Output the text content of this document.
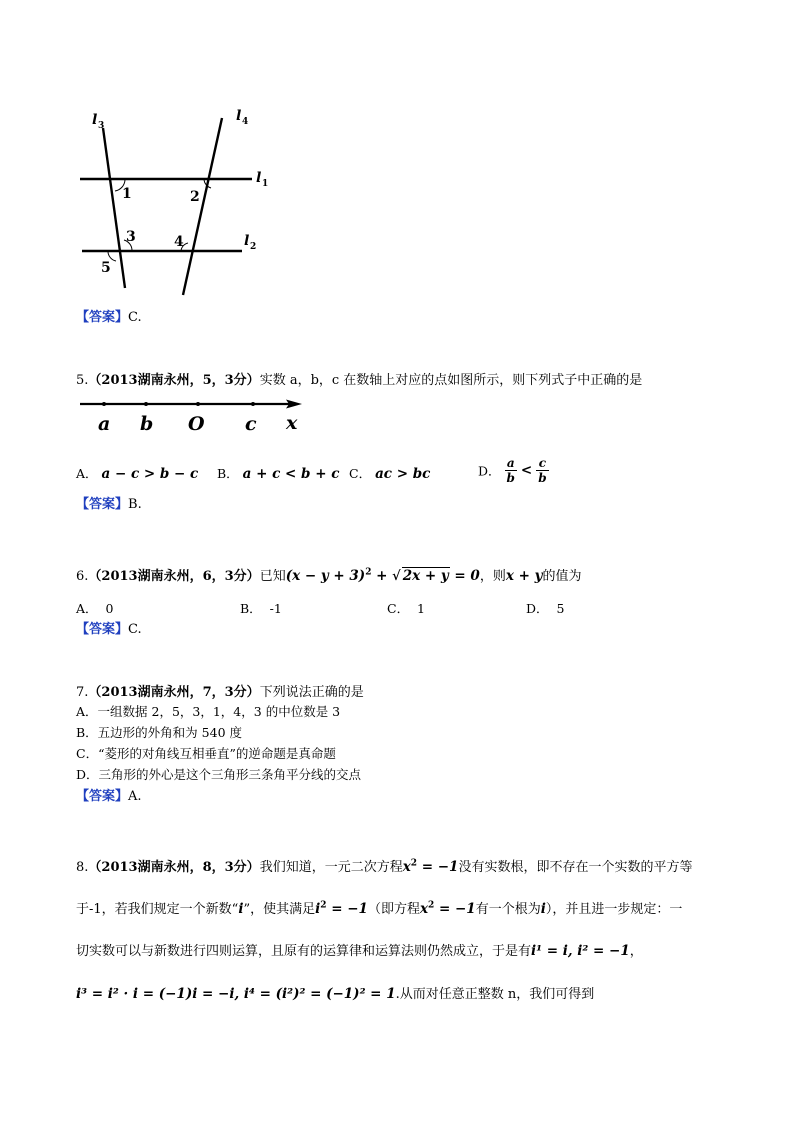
l 3
l 4
l 1
l 2
1	2
3	4
5
【答案】C.
5.（2013湖南永州，5，3分）实数 a，b，c 在数轴上对应的点如图所示，则下列式子中正确的是
a b O c x
A． a − c > b − c B． a + c < b + c C． ac > bc	D． $\frac{a}{b} < \frac{c}{b}$
【答案】B.
6.（2013湖南永州，6，3分）已知$(x - y + 3)^2$ + √ 2x + y = 0，则x + y的值为
A． 0	B． -1	C． 1	D． 5
【答案】C.
7.（2013湖南永州，7，3分）下列说法正确的是
A．一组数据 2，5，3，1，4，3 的中位数是 3
B．五边形的外角和为 540 度
C．“菱形的对角线互相垂直”的逆命题是真命题
D．三角形的外心是这个三角形三条角平分线的交点
【答案】A.
8.（2013湖南永州，8，3分）我们知道，一元二次方程$x^2 = -1$没有实数根，即不存在一个实数的平方等
于-1，若我们规定一个新数“i”，使其满足$i^2 = -1$（即方程$x^2 = -1$有一个根为i），并且进一步规定：一
切实数可以与新数进行四则运算，且原有的运算律和运算法则仍然成立，于是有i¹ = i, i² = −1，
i³ = i² · i = (−1)i = −i, i⁴ = (i²)² = (−1)² = 1.从而对任意正整数 n，我们可得到
